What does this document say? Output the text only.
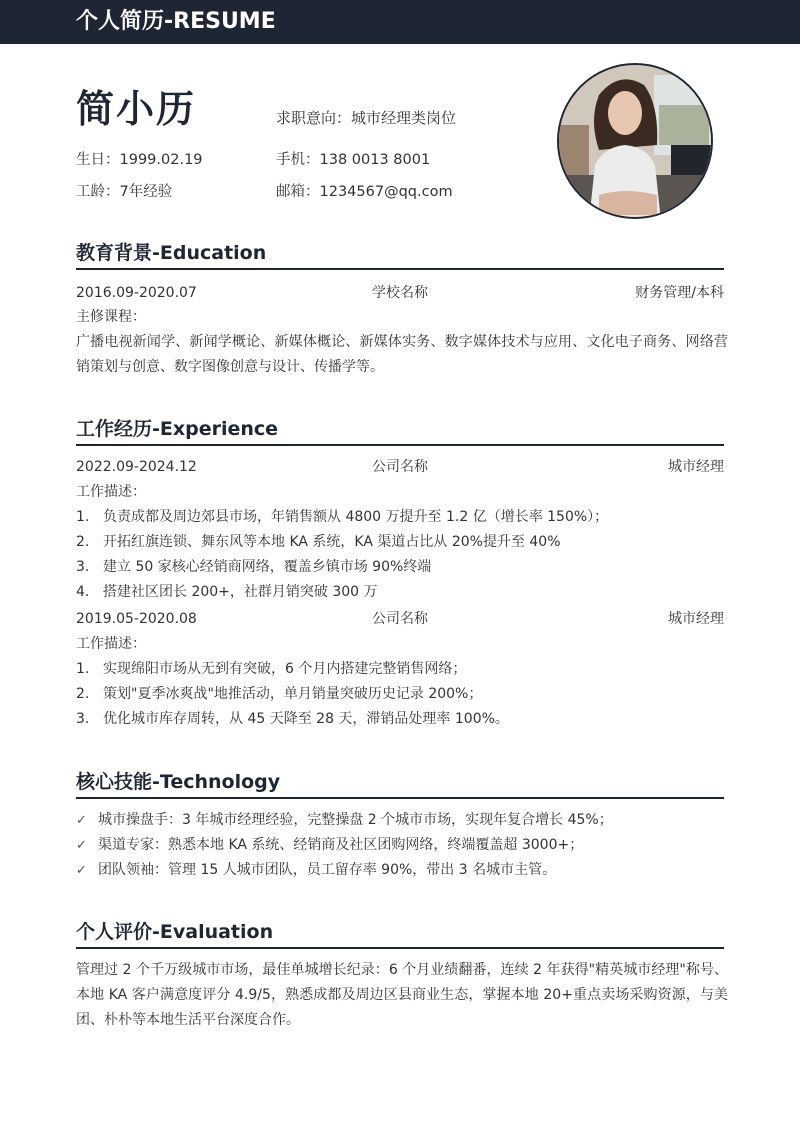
个人简历-RESUME
简小历	求职意向：城市经理类岗位
生日：1999.02.19	手机：138 0013 8001
工龄：7年经验	邮箱：1234567@qq.com
教育背景-Education
2016.09-2020.07	学校名称	财务管理/本科
主修课程：
广播电视新闻学、新闻学概论、新媒体概论、新媒体实务、数字媒体技术与应用、文化电子商务、网络营销策划与创意、数字图像创意与设计、传播学等。
工作经历-Experience
2022.09-2024.12	公司名称	城市经理
工作描述：
1. 负责成都及周边郊县市场，年销售额从 4800 万提升至 1.2 亿（增长率 150%）；
2. 开拓红旗连锁、舞东风等本地 KA 系统，KA 渠道占比从 20%提升至 40%
3. 建立 50 家核心经销商网络，覆盖乡镇市场 90%终端
4. 搭建社区团长 200+，社群月销突破 300 万
2019.05-2020.08	公司名称	城市经理
工作描述：
1. 实现绵阳市场从无到有突破，6 个月内搭建完整销售网络；
2. 策划"夏季冰爽战"地推活动，单月销量突破历史记录 200%；
3. 优化城市库存周转，从 45 天降至 28 天，滞销品处理率 100%。
核心技能-Technology
✓ 城市操盘手：3 年城市经理经验，完整操盘 2 个城市市场，实现年复合增长 45%；
✓ 渠道专家：熟悉本地 KA 系统、经销商及社区团购网络，终端覆盖超 3000+；
✓ 团队领袖：管理 15 人城市团队，员工留存率 90%，带出 3 名城市主管。
个人评价-Evaluation
管理过 2 个千万级城市市场，最佳单城增长纪录：6 个月业绩翻番，连续 2 年获得"精英城市经理"称号、本地 KA 客户满意度评分 4.9/5，熟悉成都及周边区县商业生态，掌握本地 20+重点卖场采购资源，与美团、朴朴等本地生活平台深度合作。
